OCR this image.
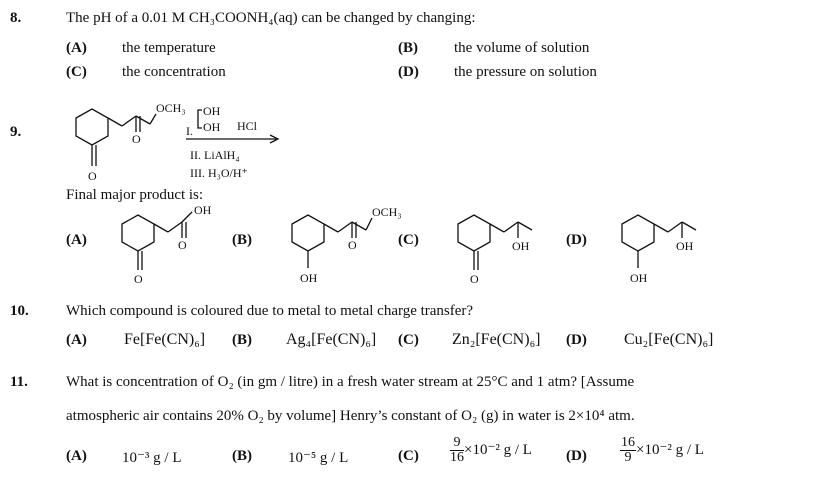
8.	The pH of a 0.01 M CH₃COONH₄(aq) can be changed by changing:
(A) the temperature	(B) the volume of solution
(C) the concentration	(D) the pressure on solution
9.
O
O
OCH₃
I.
OH
OH HCl
II. LiAlH₄
III. H₃O/H⁺
Final major product is:
(A)
O
OH
O	(B)
OH
O
OCH₃
(C)
O
OH (D)
OH
OH
10. Which compound is coloured due to metal to metal charge transfer?
(A) Fe[Fe(CN)₆] (B) Ag₄[Fe(CN)₆] (C) Zn₂[Fe(CN)₆] (D) Cu₂[Fe(CN)₆]
11.	What is concentration of O₂ (in gm / litre) in a fresh water stream at 25°C and 1 atm? [Assume
atmospheric air contains 20% O₂ by volume] Henry’s constant of O₂ (g) in water is 2×10⁴ atm.
(A) 10⁻³ g / L	(B) 10⁻⁵ g / L	$(C) \frac{9}{16} \times 10^{-2}$ g / L $(D) \frac{16}{9} \times 10^{-2}$ g / L
